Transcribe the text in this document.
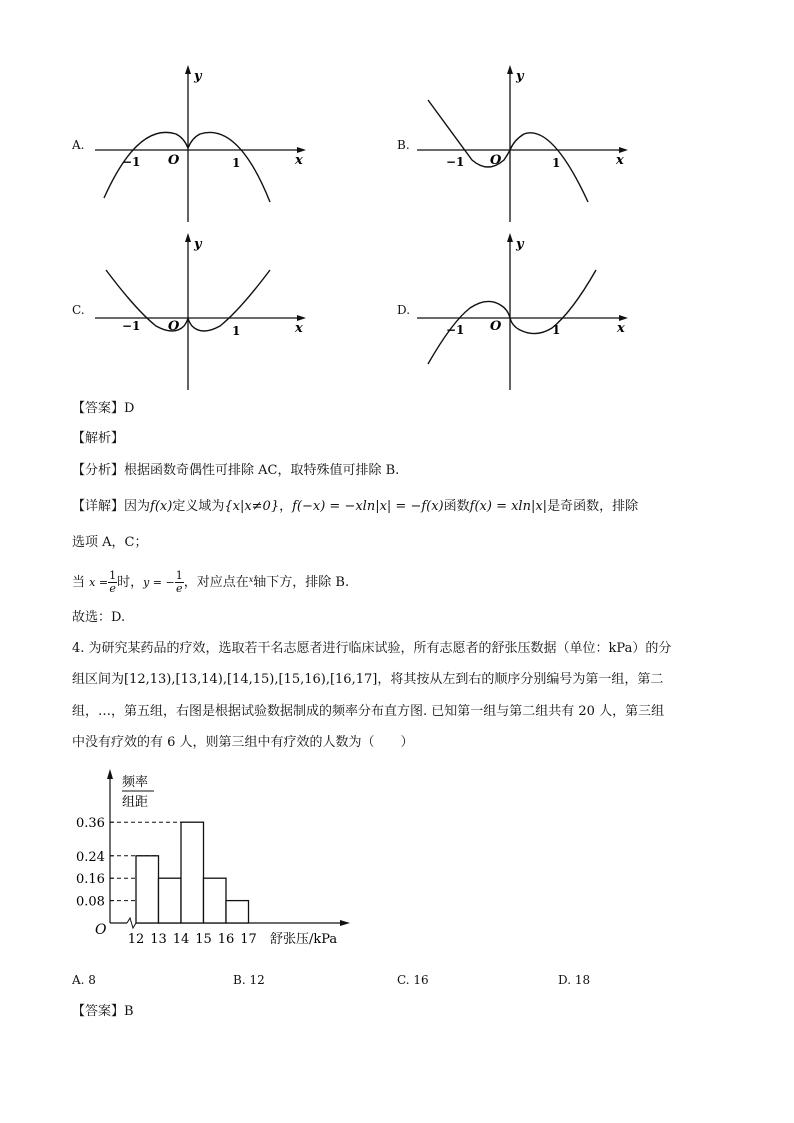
A.	B.
C.	D.
y
x
O
−1	1
y
x
O
−1	1
y
x
O
−1	1
y
x
O
−1	1
【答案】D
【解析】
【分析】根据函数奇偶性可排除 AC，取特殊值可排除 B.
【详解】因为f(x)定义域为{x|x≠0}，f(−x) = −xln|x| = −f(x)函数f(x) = xln|x|是奇函数，排除
选项 A，C；
当 $x = \frac{1}{e}$ 时，y = − $\frac{1}{e}$ ，对应点在$^x$轴下方，排除 B.
故选：D.
4. 为研究某药品的疗效，选取若干名志愿者进行临床试验，所有志愿者的舒张压数据（单位：kPa）的分
组区间为[12,13),[13,14),[14,15),[15,16),[16,17]，将其按从左到右的顺序分别编号为第一组，第二
组，…，第五组，右图是根据试验数据制成的频率分布直方图. 已知第一组与第二组共有 20 人，第三组
中没有疗效的有 6 人，则第三组中有疗效的人数为（　　）
频率
组距
O
舒张压/kPa
0.08
0.16
0.24
0.36
12 13 14 15 16 17
A. 8	B. 12	C. 16	D. 18
【答案】B
